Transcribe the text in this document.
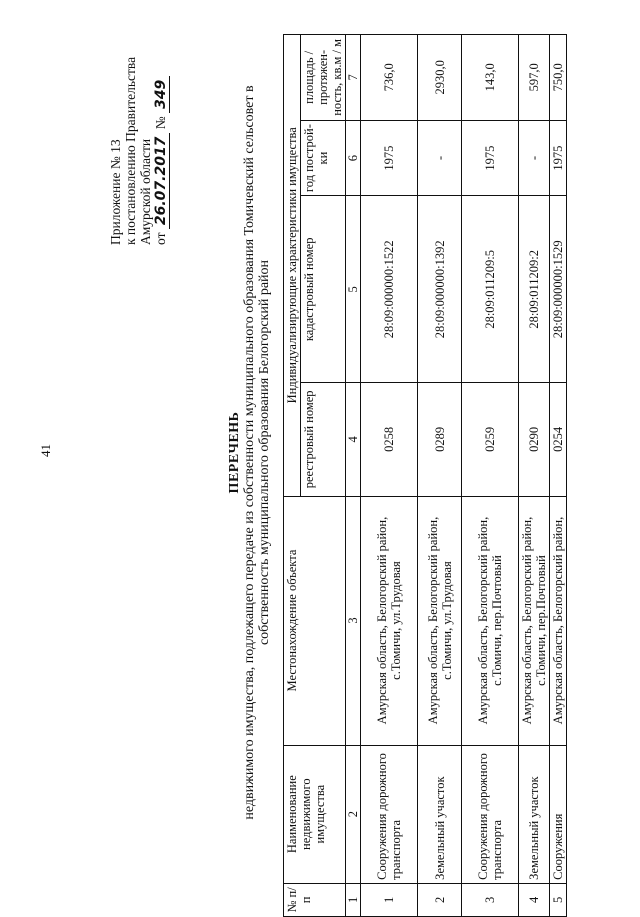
41
Приложение № 13 к постановлению Правительства Амурской области от 26.07.2017 № 349
ПЕРЕЧЕНЬ недвижимого имущества, подлежащего передаче из собственности муниципального образования Томичевский сельсовет в собственность муниципального образования Белогорский район
№ п/п	Наименование недвижимого имущества	Местонахождение объекта	Индивидуализирующие характеристики имущества			
			реестровый номер	кадастровый номер	год построй- ки	площадь / протяжен- ность, кв.м / м
1	2	3	4	5	6	7
1	Сооружения дорожного транспорта	Амурская область, Белогорский район, с.Томичи, ул.Трудовая	0258	28:09:000000:1522	1975	736,0
2	Земельный участок	Амурская область, Белогорский район, с.Томичи, ул.Трудовая	0289	28:09:000000:1392	-	2930,0
3	Сооружения дорожного транспорта	Амурская область, Белогорский район, с.Томичи, пер.Почтовый	0259	28:09:011209:5	1975	143,0
4	Земельный участок	Амурская область, Белогорский район, с.Томичи, пер.Почтовый	0290	28:09:011209:2	-	597,0
5	Сооружения	Амурская область, Белогорский район,	0254	28:09:000000:1529	1975	750,0
